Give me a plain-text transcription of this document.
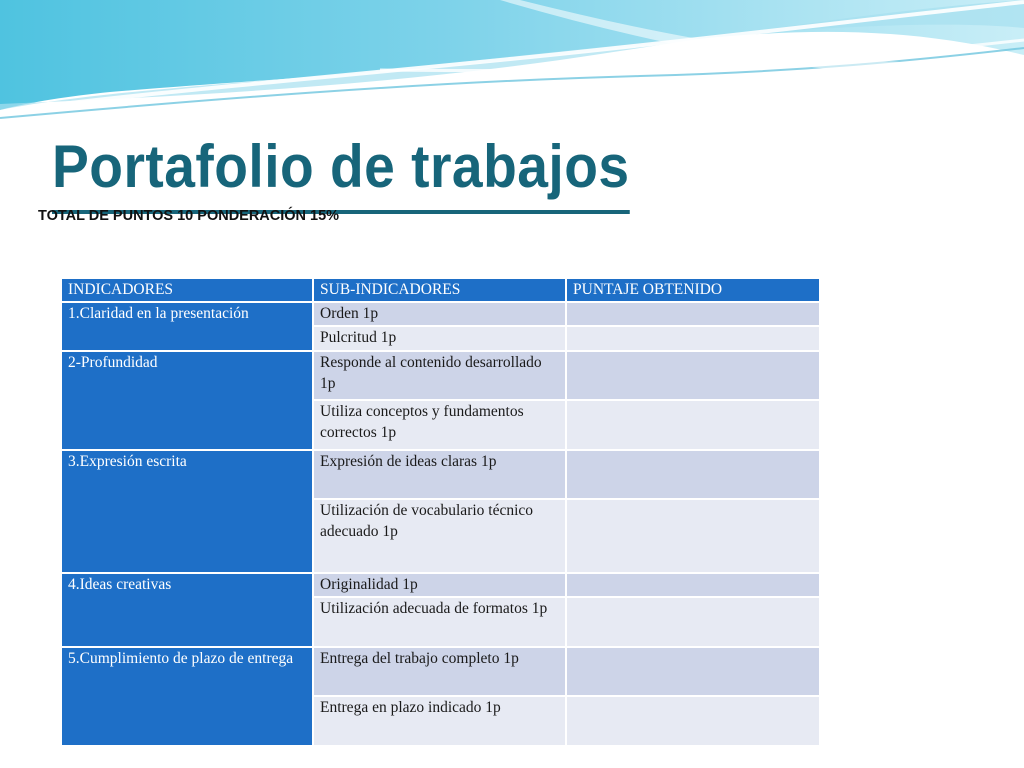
Portafolio de trabajos
TOTAL DE PUNTOS 10 PONDERACIÓN 15%
INDICADORES	SUB-INDICADORES	PUNTAJE OBTENIDO
1.Claridad en la presentación	Orden 1p	
	Pulcritud 1p	
2-Profundidad	Responde al contenido desarrollado 1p	
	Utiliza conceptos y fundamentos correctos 1p	
3.Expresión escrita	Expresión de ideas claras 1p	
	Utilización de vocabulario técnico adecuado 1p	
4.Ideas creativas	Originalidad 1p	
	Utilización adecuada de formatos 1p	
5.Cumplimiento de plazo de entrega	Entrega del trabajo completo 1p	
	Entrega en plazo indicado 1p	
